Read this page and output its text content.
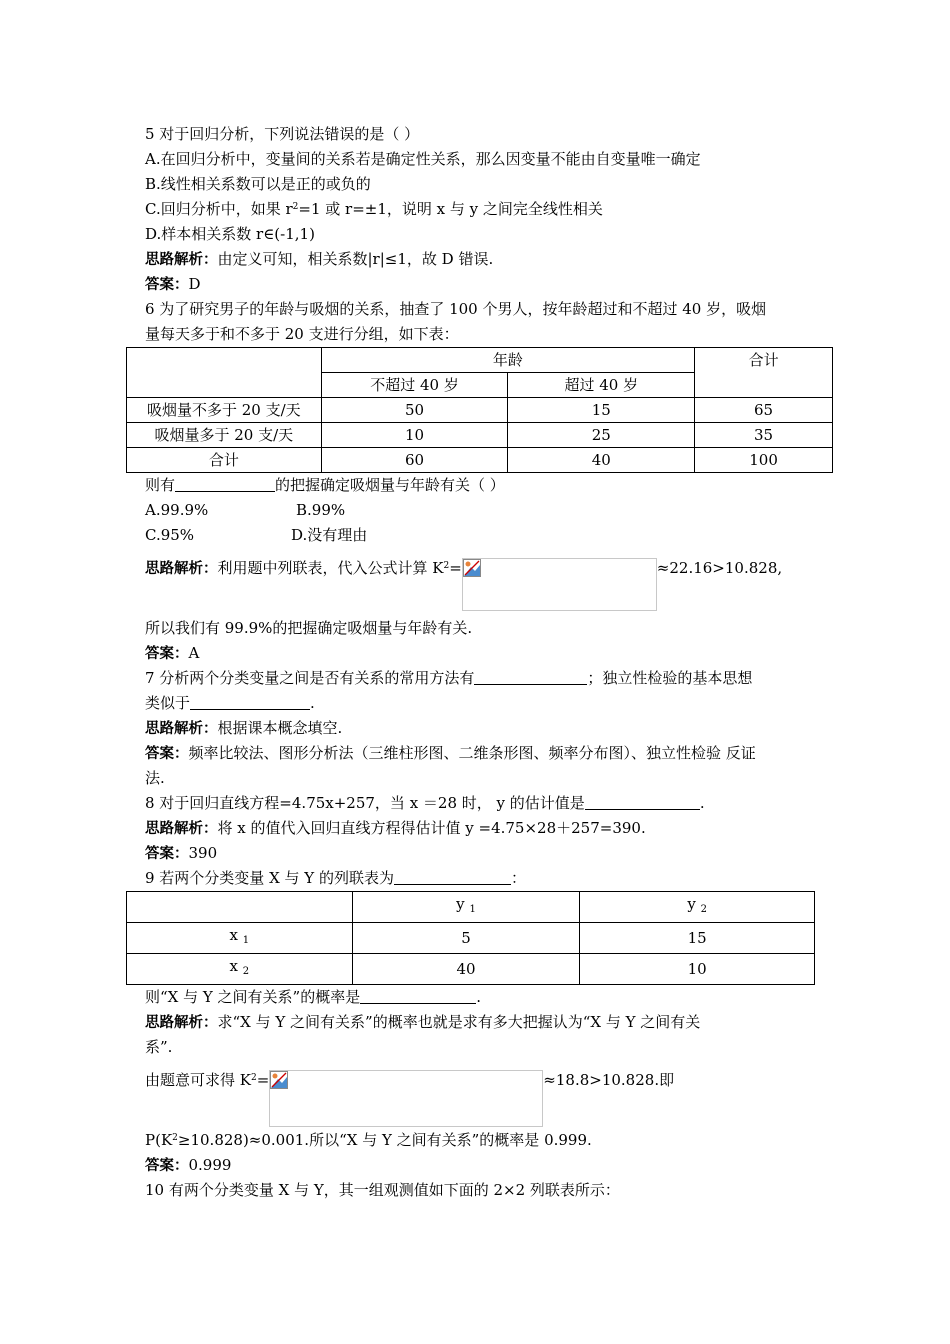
5 对于回归分析，下列说法错误的是（ ）
A.在回归分析中，变量间的关系若是确定性关系，那么因变量不能由自变量唯一确定
B.线性相关系数可以是正的或负的
C.回归分析中，如果 $r^2=1$ 或 r=±1，说明 x 与 y 之间完全线性相关
D.样本相关系数 r∈(-1,1)
思路解析：由定义可知，相关系数|r|≤1，故 D 错误.
答案：D
6 为了研究男子的年龄与吸烟的关系，抽查了 100 个男人，按年龄超过和不超过 40 岁，吸烟
量每天多于和不多于 20 支进行分组，如下表：
	年龄		合计
	不超过 40 岁	超过 40 岁	
吸烟量不多于 20 支/天	50	15	65
吸烟量多于 20 支/天	10	25	35
合计	60	40	100
则有	的把握确定吸烟量与年龄有关（ ）
A.99.9%	B.99%
C.95%	D.没有理由
思路解析：利用题中列联表，代入公式计算 $K^2=$	≈22.16>10.828,
所以我们有 99.9%的把握确定吸烟量与年龄有关.
答案：A
7 分析两个分类变量之间是否有关系的常用方法有	；独立性检验的基本思想
类似于	.
思路解析：根据课本概念填空.
答案：频率比较法、图形分析法（三维柱形图、二维条形图、频率分布图）、独立性检验 反证
法.
8 对于回归直线方程=4.75x+257，当 x ＝28 时， y 的估计值是	.
思路解析：将 x 的值代入回归直线方程得估计值 y =4.75×28＋257=390.
答案：390
9 若两个分类变量 X 与 Y 的列联表为	：
	y $_1$	y $_2$
x $_1$	5	15
x $_2$	40	10
则“X 与 Y 之间有关系”的概率是	.
思路解析：求“X 与 Y 之间有关系”的概率也就是求有多大把握认为“X 与 Y 之间有关
系”.
由题意可求得 $K^2=$	≈18.8>10.828.即
$P(K^2\ge 10.828)\approx 0.001$.所以“X 与 Y 之间有关系”的概率是 0.999.
答案：0.999
10 有两个分类变量 X 与 Y，其一组观测值如下面的 2×2 列联表所示：
